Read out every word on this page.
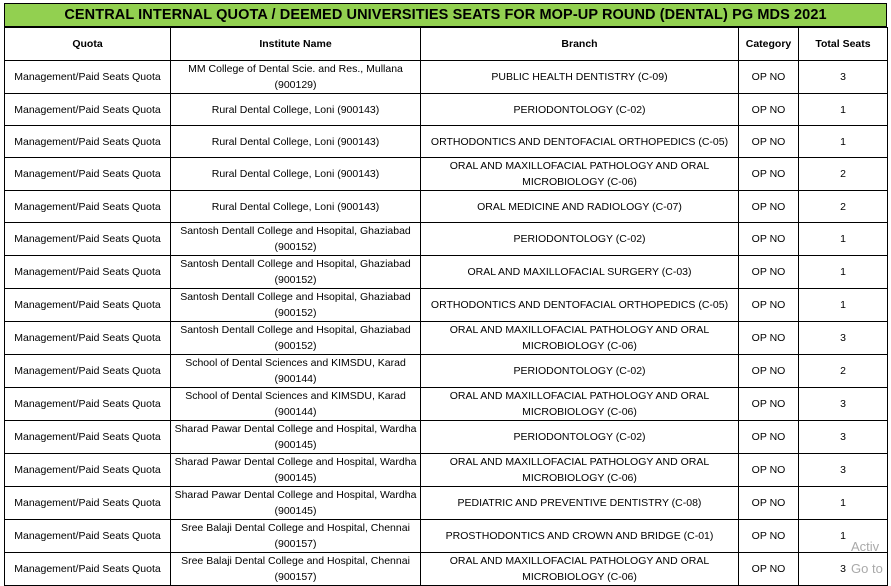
CENTRAL INTERNAL QUOTA / DEEMED UNIVERSITIES SEATS FOR MOP-UP ROUND (DENTAL) PG MDS 2021
Quota	Institute Name	Branch	Category	Total Seats
Management/Paid Seats Quota	MM College of Dental Scie. and Res., Mullana (900129)	PUBLIC HEALTH DENTISTRY (C-09)	OP NO	3
Management/Paid Seats Quota	Rural Dental College, Loni (900143)	PERIODONTOLOGY (C-02)	OP NO	1
Management/Paid Seats Quota	Rural Dental College, Loni (900143)	ORTHODONTICS AND DENTOFACIAL ORTHOPEDICS (C-05)	OP NO	1
Management/Paid Seats Quota	Rural Dental College, Loni (900143)	ORAL AND MAXILLOFACIAL PATHOLOGY AND ORAL MICROBIOLOGY (C-06)	OP NO	2
Management/Paid Seats Quota	Rural Dental College, Loni (900143)	ORAL MEDICINE AND RADIOLOGY (C-07)	OP NO	2
Management/Paid Seats Quota	Santosh Dentall College and Hsopital, Ghaziabad (900152)	PERIODONTOLOGY (C-02)	OP NO	1
Management/Paid Seats Quota	Santosh Dentall College and Hsopital, Ghaziabad (900152)	ORAL AND MAXILLOFACIAL SURGERY (C-03)	OP NO	1
Management/Paid Seats Quota	Santosh Dentall College and Hsopital, Ghaziabad (900152)	ORTHODONTICS AND DENTOFACIAL ORTHOPEDICS (C-05)	OP NO	1
Management/Paid Seats Quota	Santosh Dentall College and Hsopital, Ghaziabad (900152)	ORAL AND MAXILLOFACIAL PATHOLOGY AND ORAL MICROBIOLOGY (C-06)	OP NO	3
Management/Paid Seats Quota	School of Dental Sciences and KIMSDU, Karad (900144)	PERIODONTOLOGY (C-02)	OP NO	2
Management/Paid Seats Quota	School of Dental Sciences and KIMSDU, Karad (900144)	ORAL AND MAXILLOFACIAL PATHOLOGY AND ORAL MICROBIOLOGY (C-06)	OP NO	3
Management/Paid Seats Quota	Sharad Pawar Dental College and Hospital, Wardha (900145)	PERIODONTOLOGY (C-02)	OP NO	3
Management/Paid Seats Quota	Sharad Pawar Dental College and Hospital, Wardha (900145)	ORAL AND MAXILLOFACIAL PATHOLOGY AND ORAL MICROBIOLOGY (C-06)	OP NO	3
Management/Paid Seats Quota	Sharad Pawar Dental College and Hospital, Wardha (900145)	PEDIATRIC AND PREVENTIVE DENTISTRY (C-08)	OP NO	1
Management/Paid Seats Quota	Sree Balaji Dental College and Hospital, Chennai (900157)	PROSTHODONTICS AND CROWN AND BRIDGE (C-01)	OP NO	1
Management/Paid Seats Quota	Sree Balaji Dental College and Hospital, Chennai (900157)	ORAL AND MAXILLOFACIAL PATHOLOGY AND ORAL MICROBIOLOGY (C-06)	OP NO	3
Activ
Go to
